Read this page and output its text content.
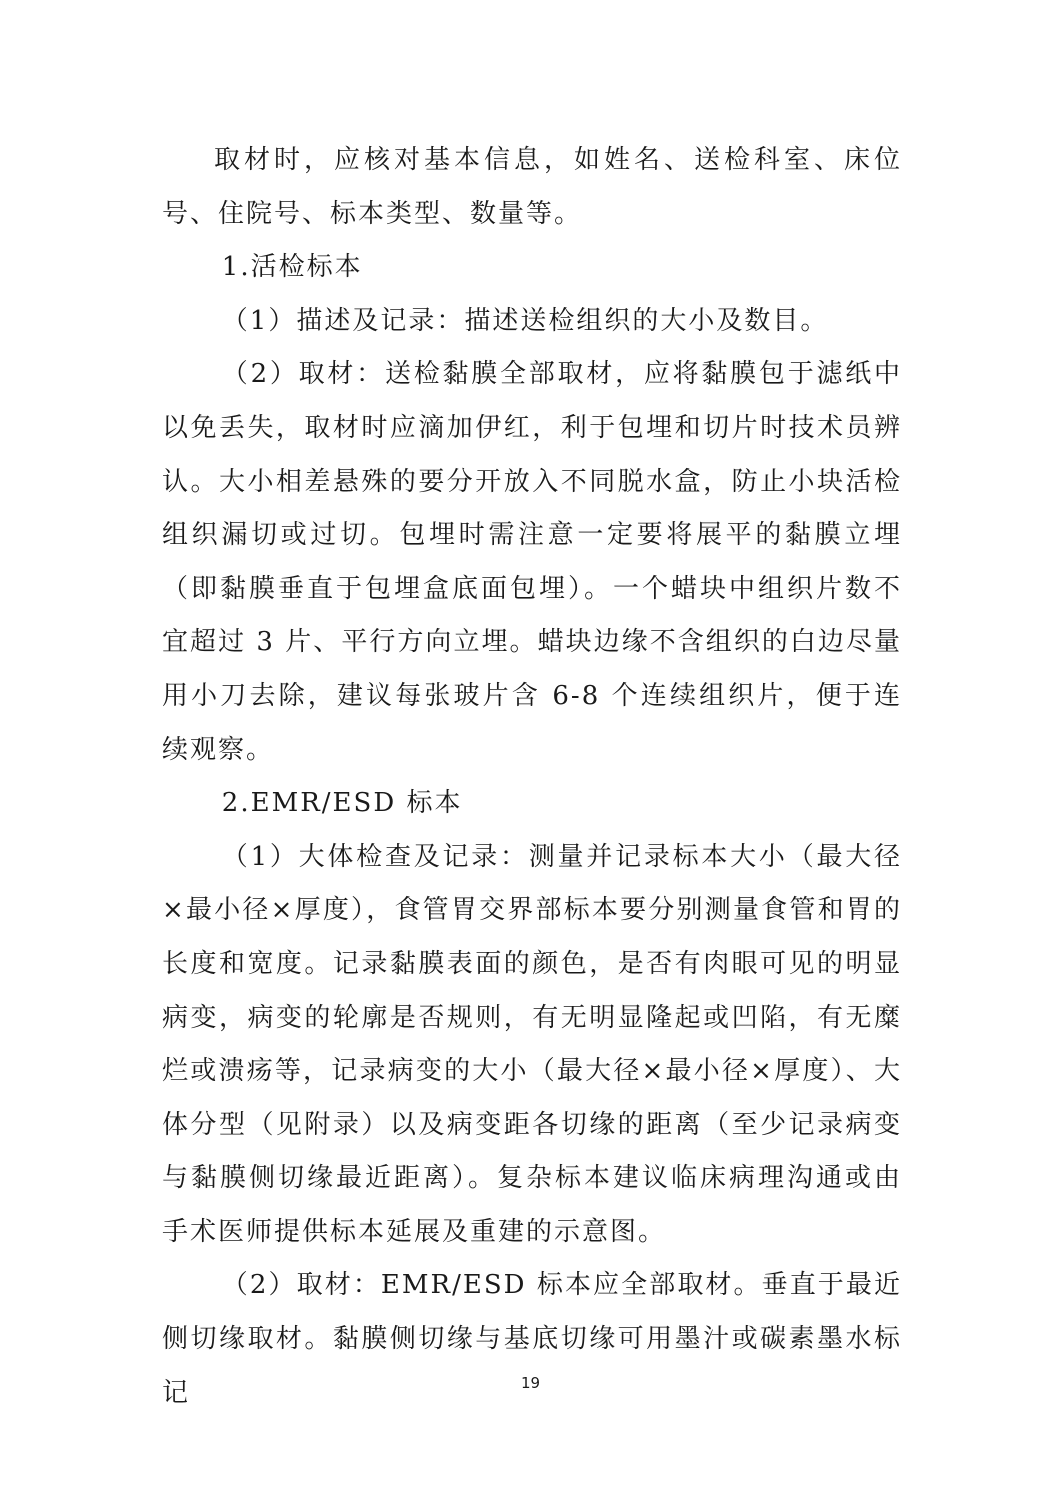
取材时，应核对基本信息，如姓名、送检科室、床位号、住院号、标本类型、数量等。

1.活检标本

（1）描述及记录：描述送检组织的大小及数目。

（2）取材：送检黏膜全部取材，应将黏膜包于滤纸中以免丢失，取材时应滴加伊红，利于包埋和切片时技术员辨认。大小相差悬殊的要分开放入不同脱水盒，防止小块活检组织漏切或过切。包埋时需注意一定要将展平的黏膜立埋（即黏膜垂直于包埋盒底面包埋）。一个蜡块中组织片数不宜超过 3 片、平行方向立埋。蜡块边缘不含组织的白边尽量用小刀去除，建议每张玻片含 6-8 个连续组织片，便于连续观察。

2.EMR/ESD 标本

（1）大体检查及记录：测量并记录标本大小（最大径×最小径×厚度），食管胃交界部标本要分别测量食管和胃的长度和宽度。记录黏膜表面的颜色，是否有肉眼可见的明显病变，病变的轮廓是否规则，有无明显隆起或凹陷，有无糜烂或溃疡等，记录病变的大小（最大径×最小径×厚度）、大体分型（见附录）以及病变距各切缘的距离（至少记录病变与黏膜侧切缘最近距离）。复杂标本建议临床病理沟通或由手术医师提供标本延展及重建的示意图。

（2）取材：EMR/ESD 标本应全部取材。垂直于最近侧切缘取材。黏膜侧切缘与基底切缘可用墨汁或碳素墨水标记	19
